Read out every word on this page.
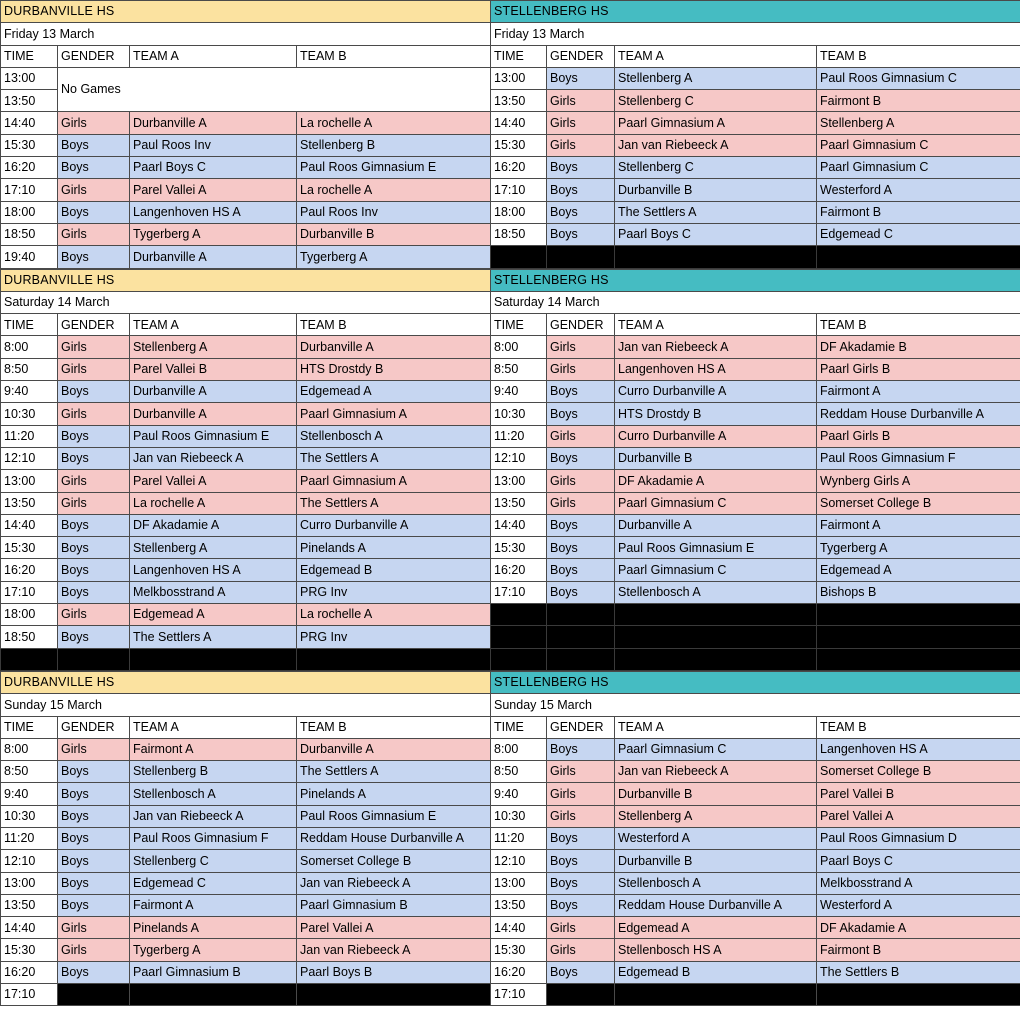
DURBANVILLE HS			
Friday 13 March			
TIME	GENDER	TEAM A	TEAM B
13:00	No Games		
13:50			
14:40	Girls	Durbanville A	La rochelle A
15:30	Boys	Paul Roos Inv	Stellenberg B
16:20	Boys	Paarl Boys C	Paul Roos Gimnasium E
17:10	Girls	Parel Vallei A	La rochelle A
18:00	Boys	Langenhoven HS A	Paul Roos Inv
18:50	Girls	Tygerberg A	Durbanville B
19:40	Boys	Durbanville A	Tygerberg A
STELLENBERG HS			
Friday 13 March			
TIME	GENDER	TEAM A	TEAM B
13:00	Boys	Stellenberg A	Paul Roos Gimnasium C
13:50	Girls	Stellenberg C	Fairmont B
14:40	Girls	Paarl Gimnasium A	Stellenberg A
15:30	Girls	Jan van Riebeeck A	Paarl Gimnasium C
16:20	Boys	Stellenberg C	Paarl Gimnasium C
17:10	Boys	Durbanville B	Westerford A
18:00	Boys	The Settlers A	Fairmont B
18:50	Boys	Paarl Boys C	Edgemead C

DURBANVILLE HS			
Saturday 14 March			
TIME	GENDER	TEAM A	TEAM B
8:00	Girls	Stellenberg A	Durbanville A
8:50	Girls	Parel Vallei B	HTS Drostdy B
9:40	Boys	Durbanville A	Edgemead A
10:30	Girls	Durbanville A	Paarl Gimnasium A
11:20	Boys	Paul Roos Gimnasium E	Stellenbosch A
12:10	Boys	Jan van Riebeeck A	The Settlers A
13:00	Girls	Parel Vallei A	Paarl Gimnasium A
13:50	Girls	La rochelle A	The Settlers A
14:40	Boys	DF Akadamie A	Curro Durbanville A
15:30	Boys	Stellenberg A	Pinelands A
16:20	Boys	Langenhoven HS A	Edgemead B
17:10	Boys	Melkbosstrand A	PRG Inv
18:00	Girls	Edgemead A	La rochelle A
18:50	Boys	The Settlers A	PRG Inv

STELLENBERG HS			
Saturday 14 March			
TIME	GENDER	TEAM A	TEAM B
8:00	Girls	Jan van Riebeeck A	DF Akadamie B
8:50	Girls	Langenhoven HS A	Paarl Girls B
9:40	Boys	Curro Durbanville A	Fairmont A
10:30	Boys	HTS Drostdy B	Reddam House Durbanville A
11:20	Girls	Curro Durbanville A	Paarl Girls B
12:10	Boys	Durbanville B	Paul Roos Gimnasium F
13:00	Girls	DF Akadamie A	Wynberg Girls A
13:50	Girls	Paarl Gimnasium C	Somerset College B
14:40	Boys	Durbanville A	Fairmont A
15:30	Boys	Paul Roos Gimnasium E	Tygerberg A
16:20	Boys	Paarl Gimnasium C	Edgemead A
17:10	Boys	Stellenbosch A	Bishops B

DURBANVILLE HS			
Sunday 15 March			
TIME	GENDER	TEAM A	TEAM B
8:00	Girls	Fairmont A	Durbanville A
8:50	Boys	Stellenberg B	The Settlers A
9:40	Boys	Stellenbosch A	Pinelands A
10:30	Boys	Jan van Riebeeck A	Paul Roos Gimnasium E
11:20	Boys	Paul Roos Gimnasium F	Reddam House Durbanville A
12:10	Boys	Stellenberg C	Somerset College B
13:00	Boys	Edgemead C	Jan van Riebeeck A
13:50	Boys	Fairmont A	Paarl Gimnasium B
14:40	Girls	Pinelands A	Parel Vallei A
15:30	Girls	Tygerberg A	Jan van Riebeeck A
16:20	Boys	Paarl Gimnasium B	Paarl Boys B
17:10			
STELLENBERG HS			
Sunday 15 March			
TIME	GENDER	TEAM A	TEAM B
8:00	Boys	Paarl Gimnasium C	Langenhoven HS A
8:50	Girls	Jan van Riebeeck A	Somerset College B
9:40	Girls	Durbanville B	Parel Vallei B
10:30	Girls	Stellenberg A	Parel Vallei A
11:20	Boys	Westerford A	Paul Roos Gimnasium D
12:10	Boys	Durbanville B	Paarl Boys C
13:00	Boys	Stellenbosch A	Melkbosstrand A
13:50	Boys	Reddam House Durbanville A	Westerford A
14:40	Girls	Edgemead A	DF Akadamie A
15:30	Girls	Stellenbosch HS A	Fairmont B
16:20	Boys	Edgemead B	The Settlers B
17:10			
